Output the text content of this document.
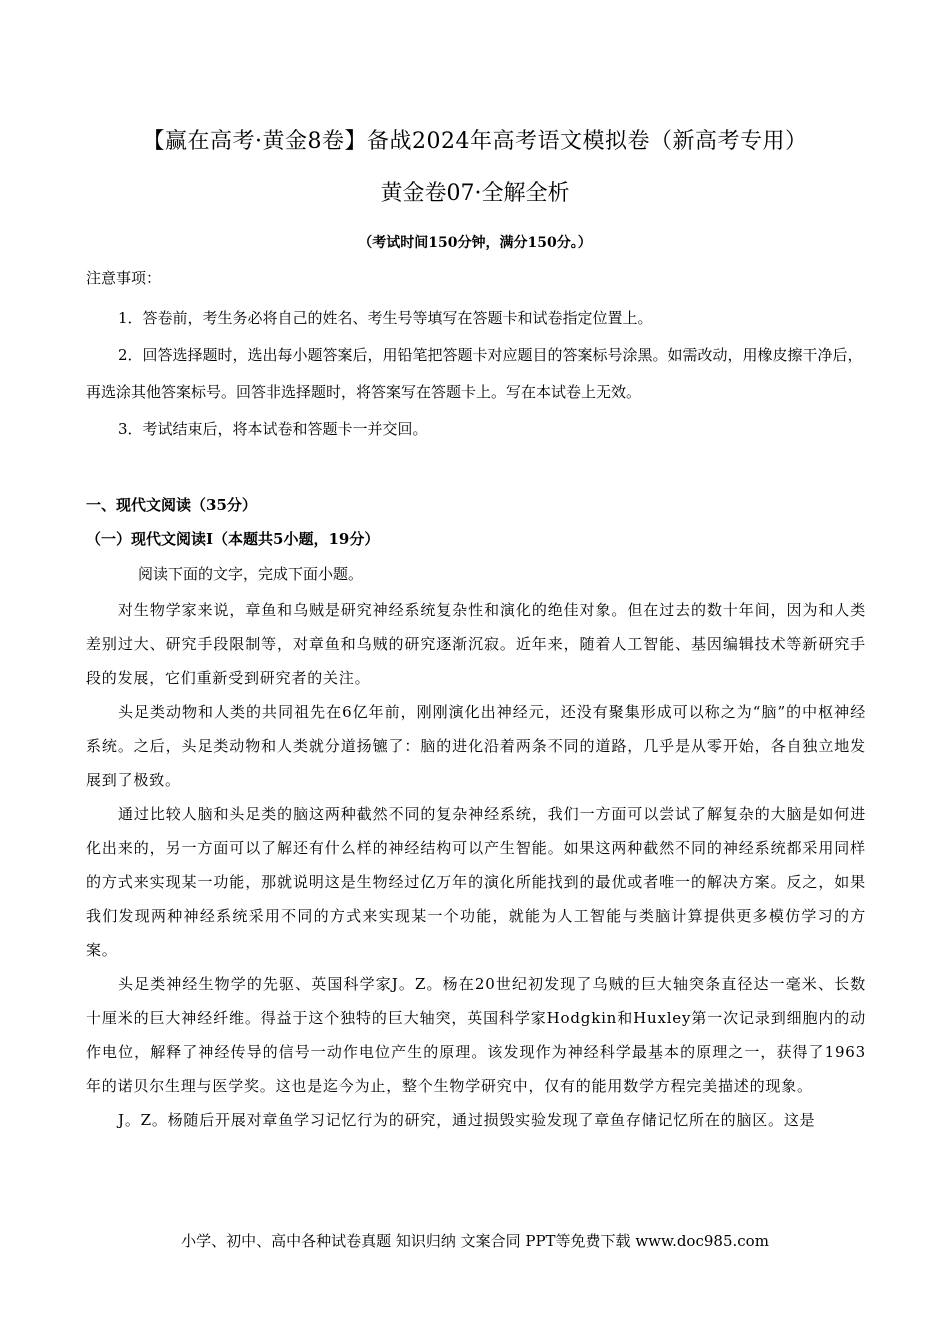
【赢在高考·黄金8卷】备战2024年高考语文模拟卷（新高考专用）
黄金卷07·全解全析
（考试时间150分钟，满分150分。）
注意事项：

1．答卷前，考生务必将自己的姓名、考生号等填写在答题卡和试卷指定位置上。

2．回答选择题时，选出每小题答案后，用铅笔把答题卡对应题目的答案标号涂黑。如需改动，用橡皮擦干净后，再选涂其他答案标号。回答非选择题时，将答案写在答题卡上。写在本试卷上无效。

3．考试结束后，将本试卷和答题卡一并交回。

一、现代文阅读（35分）
（一）现代文阅读Ⅰ（本题共5小题，19分）
阅读下面的文字，完成下面小题。

对生物学家来说，章鱼和乌贼是研究神经系统复杂性和演化的绝佳对象。但在过去的数十年间，因为和人类差别过大、研究手段限制等，对章鱼和乌贼的研究逐渐沉寂。近年来，随着人工智能、基因编辑技术等新研究手段的发展，它们重新受到研究者的关注。

头足类动物和人类的共同祖先在6亿年前，刚刚演化出神经元，还没有聚集形成可以称之为“脑”的中枢神经系统。之后，头足类动物和人类就分道扬镳了：脑的进化沿着两条不同的道路，几乎是从零开始，各自独立地发展到了极致。

通过比较人脑和头足类的脑这两种截然不同的复杂神经系统，我们一方面可以尝试了解复杂的大脑是如何进化出来的，另一方面可以了解还有什么样的神经结构可以产生智能。如果这两种截然不同的神经系统都采用同样的方式来实现某一功能，那就说明这是生物经过亿万年的演化所能找到的最优或者唯一的解决方案。反之，如果我们发现两种神经系统采用不同的方式来实现某一个功能，就能为人工智能与类脑计算提供更多模仿学习的方案。

头足类神经生物学的先驱、英国科学家J。Z。杨在20世纪初发现了乌贼的巨大轴突条直径达一毫米、长数十厘米的巨大神经纤维。得益于这个独特的巨大轴突，英国科学家Hodgkin和Huxley第一次记录到细胞内的动作电位，解释了神经传导的信号一动作电位产生的原理。该发现作为神经科学最基本的原理之一，获得了1963年的诺贝尔生理与医学奖。这也是迄今为止，整个生物学研究中，仅有的能用数学方程完美描述的现象。

J。Z。杨随后开展对章鱼学习记忆行为的研究，通过损毁实验发现了章鱼存储记忆所在的脑区。这是

小学、初中、高中各种试卷真题 知识归纳 文案合同 PPT等免费下载 www.doc985.com
